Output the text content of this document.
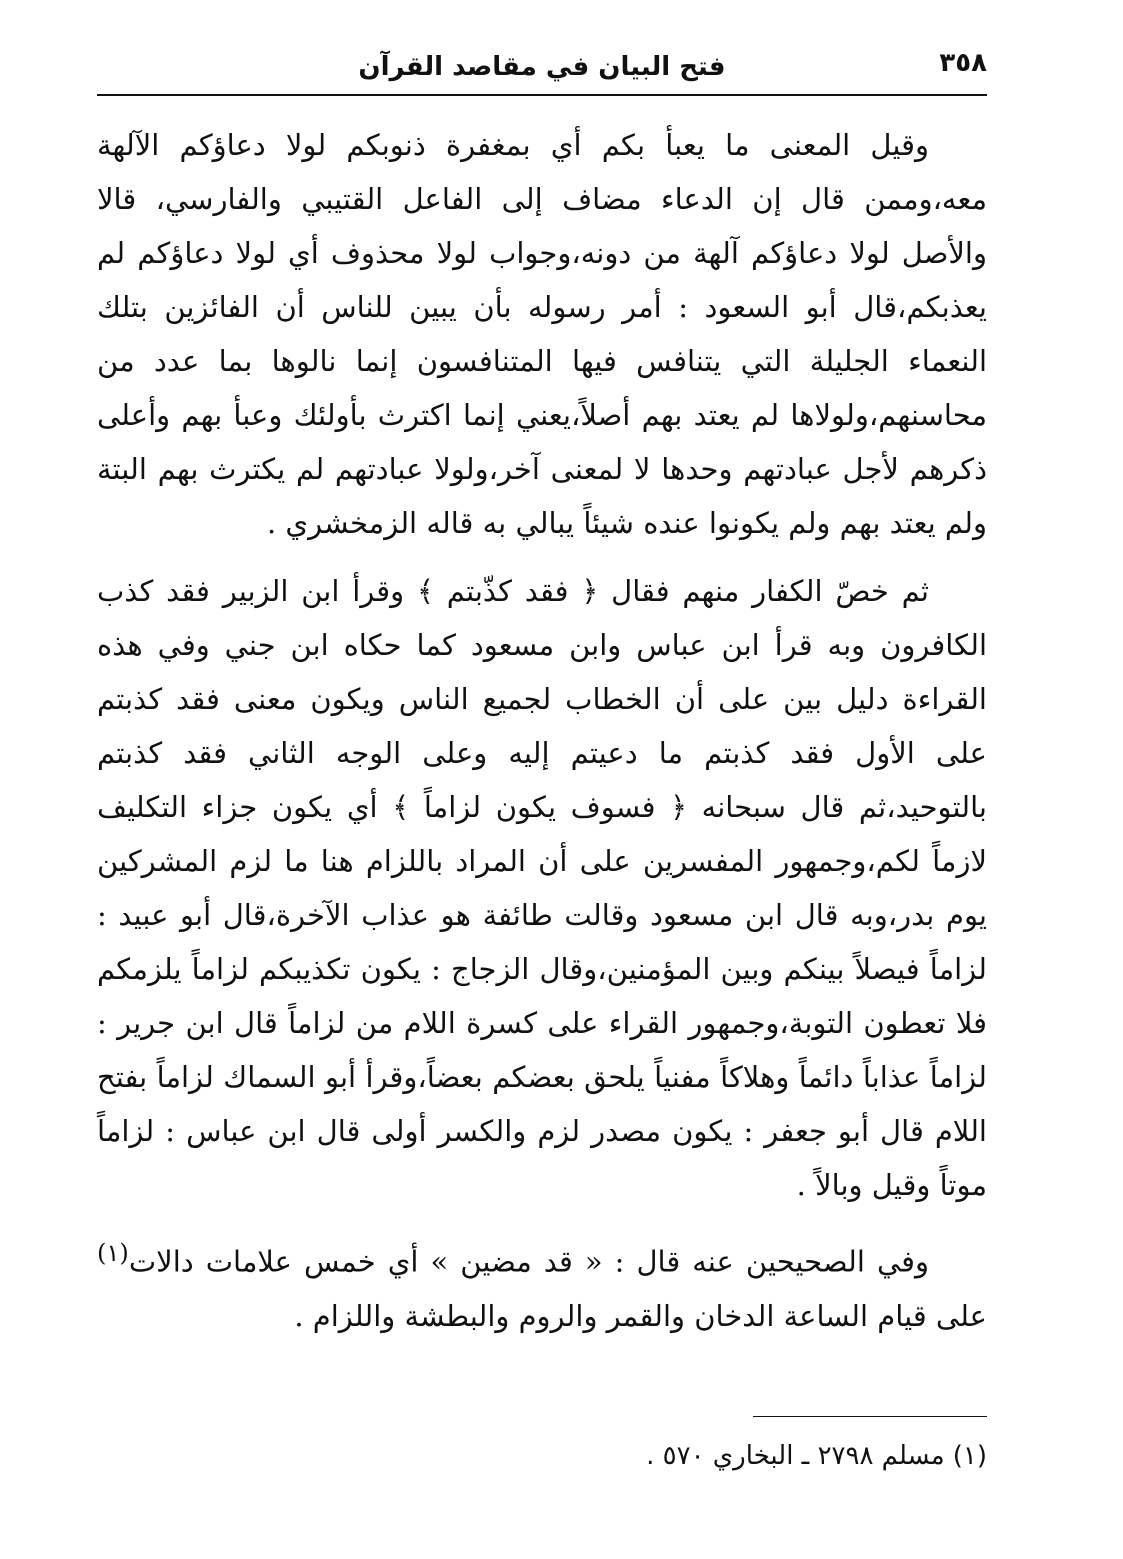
٣٥٨
فتح البيان في مقاصد القرآن

وقيل المعنى ما يعبأ بكم أي بمغفرة ذنوبكم لولا دعاؤكم الآلهة معه،وممن قال إن الدعاء مضاف إلى الفاعل القتيبي والفارسي، قالا والأصل لولا دعاؤكم آلهة من دونه،وجواب لولا محذوف أي لولا دعاؤكم لم يعذبكم،قال أبو السعود : أمر رسوله بأن يبين للناس أن الفائزين بتلك النعماء الجليلة التي يتنافس فيها المتنافسون إنما نالوها بما عدد من محاسنهم،ولولاها لم يعتد بهم أصلاً،يعني إنما اكترث بأولئك وعبأ بهم وأعلى ذكرهم لأجل عبادتهم وحدها لا لمعنى آخر،ولولا عبادتهم لم يكترث بهم البتة ولم يعتد بهم ولم يكونوا عنده شيئاً يبالي به قاله الزمخشري .

ثم خصّ الكفار منهم فقال ﴿ فقد كذّبتم ﴾ وقرأ ابن الزبير فقد كذب الكافرون وبه قرأ ابن عباس وابن مسعود كما حكاه ابن جني وفي هذه القراءة دليل بين على أن الخطاب لجميع الناس ويكون معنى فقد كذبتم على الأول فقد كذبتم ما دعيتم إليه وعلى الوجه الثاني فقد كذبتم بالتوحيد،ثم قال سبحانه ﴿ فسوف يكون لزاماً ﴾ أي يكون جزاء التكليف لازماً لكم،وجمهور المفسرين على أن المراد باللزام هنا ما لزم المشركين يوم بدر،وبه قال ابن مسعود وقالت طائفة هو عذاب الآخرة،قال أبو عبيد : لزاماً فيصلاً بينكم وبين المؤمنين،وقال الزجاج : يكون تكذيبكم لزاماً يلزمكم فلا تعطون التوبة،وجمهور القراء على كسرة اللام من لزاماً قال ابن جرير : لزاماً عذاباً دائماً وهلاكاً مفنياً يلحق بعضكم بعضاً،وقرأ أبو السماك لزاماً بفتح اللام قال أبو جعفر : يكون مصدر لزم والكسر أولى قال ابن عباس : لزاماً موتاً وقيل وبالاً .

وفي الصحيحين عنه قال : « قد مضين » أي خمس علامات دالات$^{(١)}$ على قيام الساعة الدخان والقمر والروم والبطشة واللزام .

(١)مسلم ٢٧٩٨ ـ البخاري ٥٧٠ .
